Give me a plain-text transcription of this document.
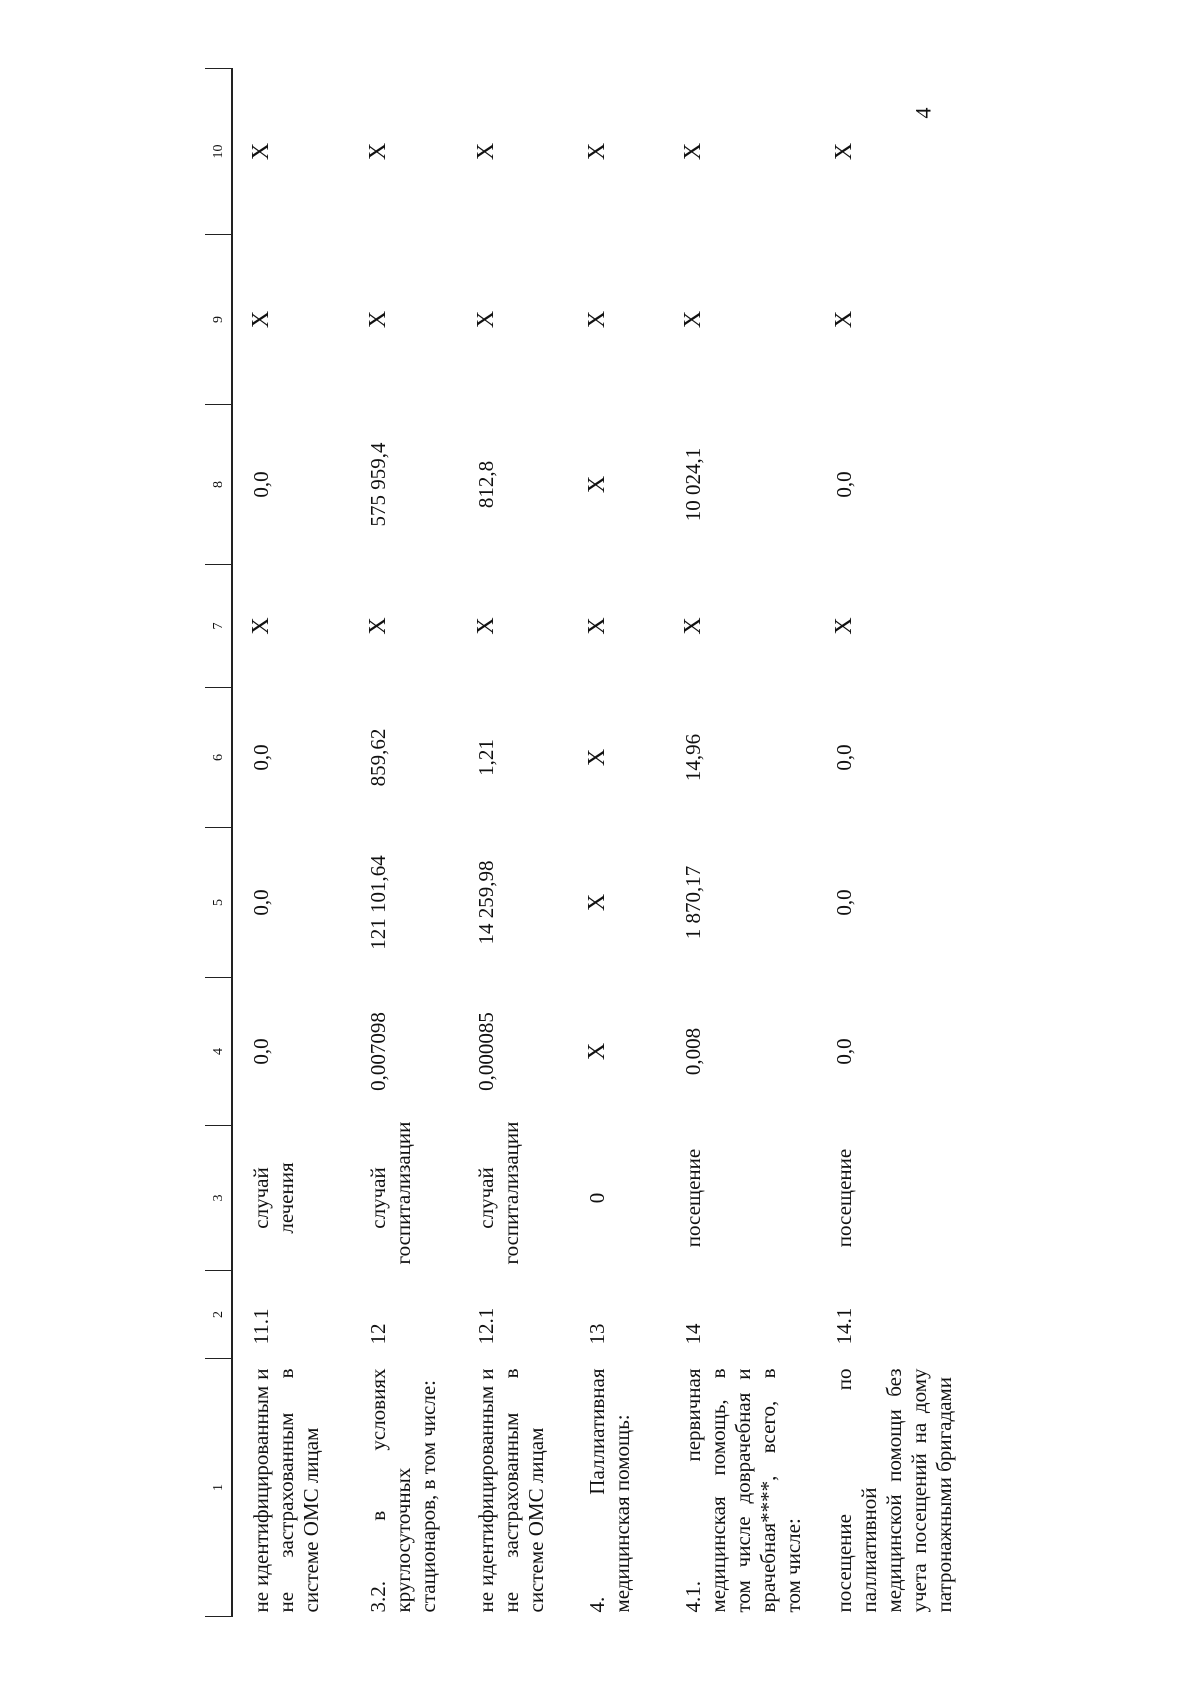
4
1	2	3	4	5	6	7	8	9	10
не идентифицированным и не застрахованным в системе ОМС лицам	11.1	случай лечения	0,0	0,0	0,0	X	0,0	X	X
3.2. в условиях круглосуточных стационаров, в том числе:	12	случай госпитализации	0,007098	121 101,64	859,62	X	575 959,4	X	X
не идентифицированным и не застрахованным в системе ОМС лицам	12.1	случай госпитализации	0,000085	14 259,98	1,21	X	812,8	X	X
4. Паллиативная медицинская помощь:	13	0	X	X	X	X	X	X	X
4.1. первичная медицинская помощь, в том числе доврачебная и врачебная****, всего, в том числе:	14	посещение	0,008	1 870,17	14,96	X	10 024,1	X	X
посещение по паллиативной медицинской помощи без учета посещений на дому патронажными бригадами	14.1	посещение	0,0	0,0	0,0	X	0,0	X	X
